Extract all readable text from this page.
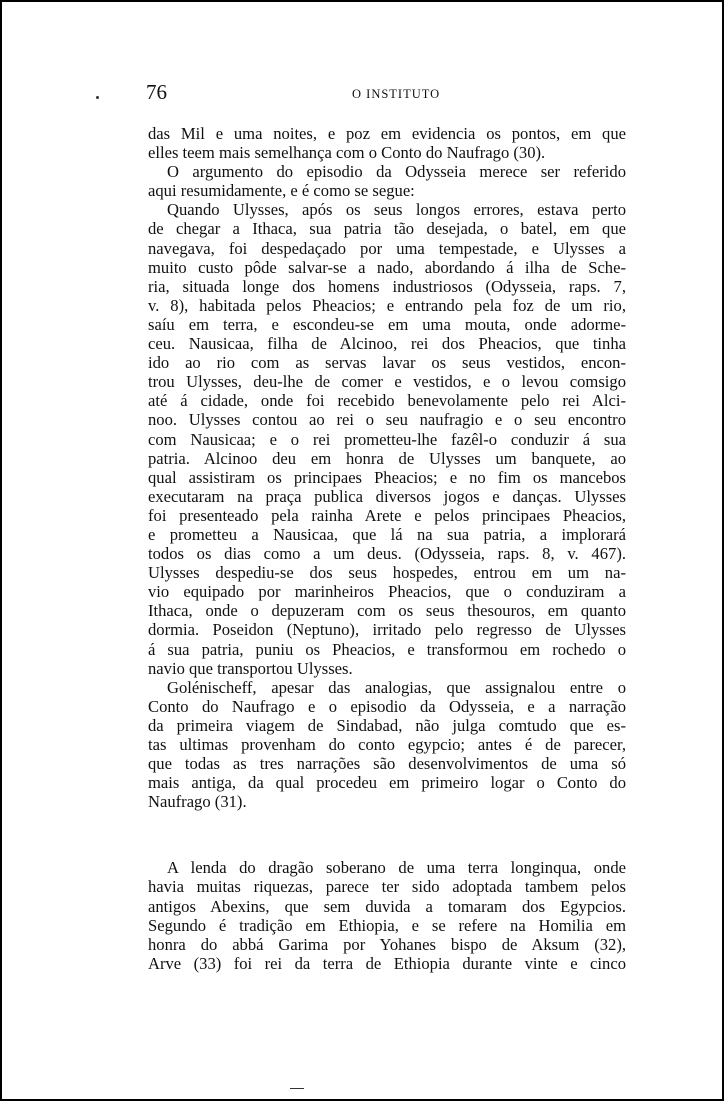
76	O INSTITUTO
das Mil e uma noites, e poz em evidencia os pontos, em que
elles teem mais semelhança com o Conto do Naufrago (30).
O argumento do episodio da Odysseia merece ser referido
aqui resumidamente, e é como se segue:
Quando Ulysses, após os seus longos errores, estava perto
de chegar a Ithaca, sua patria tão desejada, o batel, em que
navegava, foi despedaçado por uma tempestade, e Ulysses a
muito custo pôde salvar-se a nado, abordando á ilha de Sche-
ria, situada longe dos homens industriosos (Odysseia, raps. 7,
v. 8), habitada pelos Pheacios; e entrando pela foz de um rio,
saíu em terra, e escondeu-se em uma mouta, onde adorme-
ceu. Nausicaa, filha de Alcinoo, rei dos Pheacios, que tinha
ido ao rio com as servas lavar os seus vestidos, encon-
trou Ulysses, deu-lhe de comer e vestidos, e o levou comsigo
até á cidade, onde foi recebido benevolamente pelo rei Alci-
noo. Ulysses contou ao rei o seu naufragio e o seu encontro
com Nausicaa; e o rei prometteu-lhe fazêl-o conduzir á sua
patria. Alcinoo deu em honra de Ulysses um banquete, ao
qual assistiram os principaes Pheacios; e no fim os mancebos
executaram na praça publica diversos jogos e danças. Ulysses
foi presenteado pela rainha Arete e pelos principaes Pheacios,
e prometteu a Nausicaa, que lá na sua patria, a implorará
todos os dias como a um deus. (Odysseia, raps. 8, v. 467).
Ulysses despediu-se dos seus hospedes, entrou em um na-
vio equipado por marinheiros Pheacios, que o conduziram a
Ithaca, onde o depuzeram com os seus thesouros, em quanto
dormia. Poseidon (Neptuno), irritado pelo regresso de Ulysses
á sua patria, puniu os Pheacios, e transformou em rochedo o
navio que transportou Ulysses.
Golénischeff, apesar das analogias, que assignalou entre o
Conto do Naufrago e o episodio da Odysseia, e a narração
da primeira viagem de Sindabad, não julga comtudo que es-
tas ultimas provenham do conto egypcio; antes é de parecer,
que todas as tres narrações são desenvolvimentos de uma só
mais antiga, da qual procedeu em primeiro logar o Conto do
Naufrago (31).
A lenda do dragão soberano de uma terra longinqua, onde
havia muitas riquezas, parece ter sido adoptada tambem pelos
antigos Abexins, que sem duvida a tomaram dos Egypcios.
Segundo é tradição em Ethiopia, e se refere na Homilia em
honra do abbá Garima por Yohanes bispo de Aksum (32),
Arve (33) foi rei da terra de Ethiopia durante vinte e cinco
